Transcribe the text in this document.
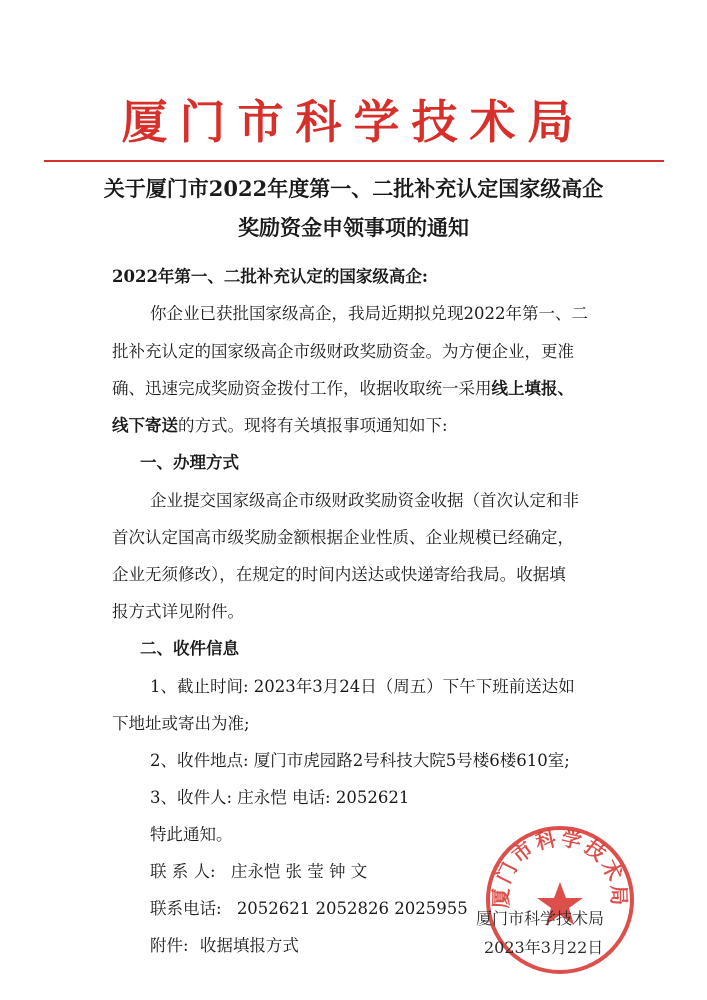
厦门市科学技术局
关于厦门市2022年度第一、二批补充认定国家级高企
奖励资金申领事项的通知
2022年第一、二批补充认定的国家级高企:
你企业已获批国家级高企，我局近期拟兑现2022年第一、二
批补充认定的国家级高企市级财政奖励资金。为方便企业，更准
确、迅速完成奖励资金拨付工作，收据收取统一采用线上填报、
线下寄送的方式。现将有关填报事项通知如下:
一、办理方式
企业提交国家级高企市级财政奖励资金收据（首次认定和非
首次认定国高市级奖励金额根据企业性质、企业规模已经确定，
企业无须修改），在规定的时间内送达或快递寄给我局。收据填
报方式详见附件。
二、收件信息
1、截止时间: 2023年3月24日（周五）下午下班前送达如
下地址或寄出为准;
2、收件地点: 厦门市虎园路2号科技大院5号楼6楼610室;
3、收件人: 庄永恺 电话: 2052621
特此通知。
联 系 人: 庄永恺 张 莹 钟 文
联系电话: 2052621 2052826 2025955
附件: 收据填报方式
厦门市科学技术局
厦门市科学技术局
2023年3月22日
